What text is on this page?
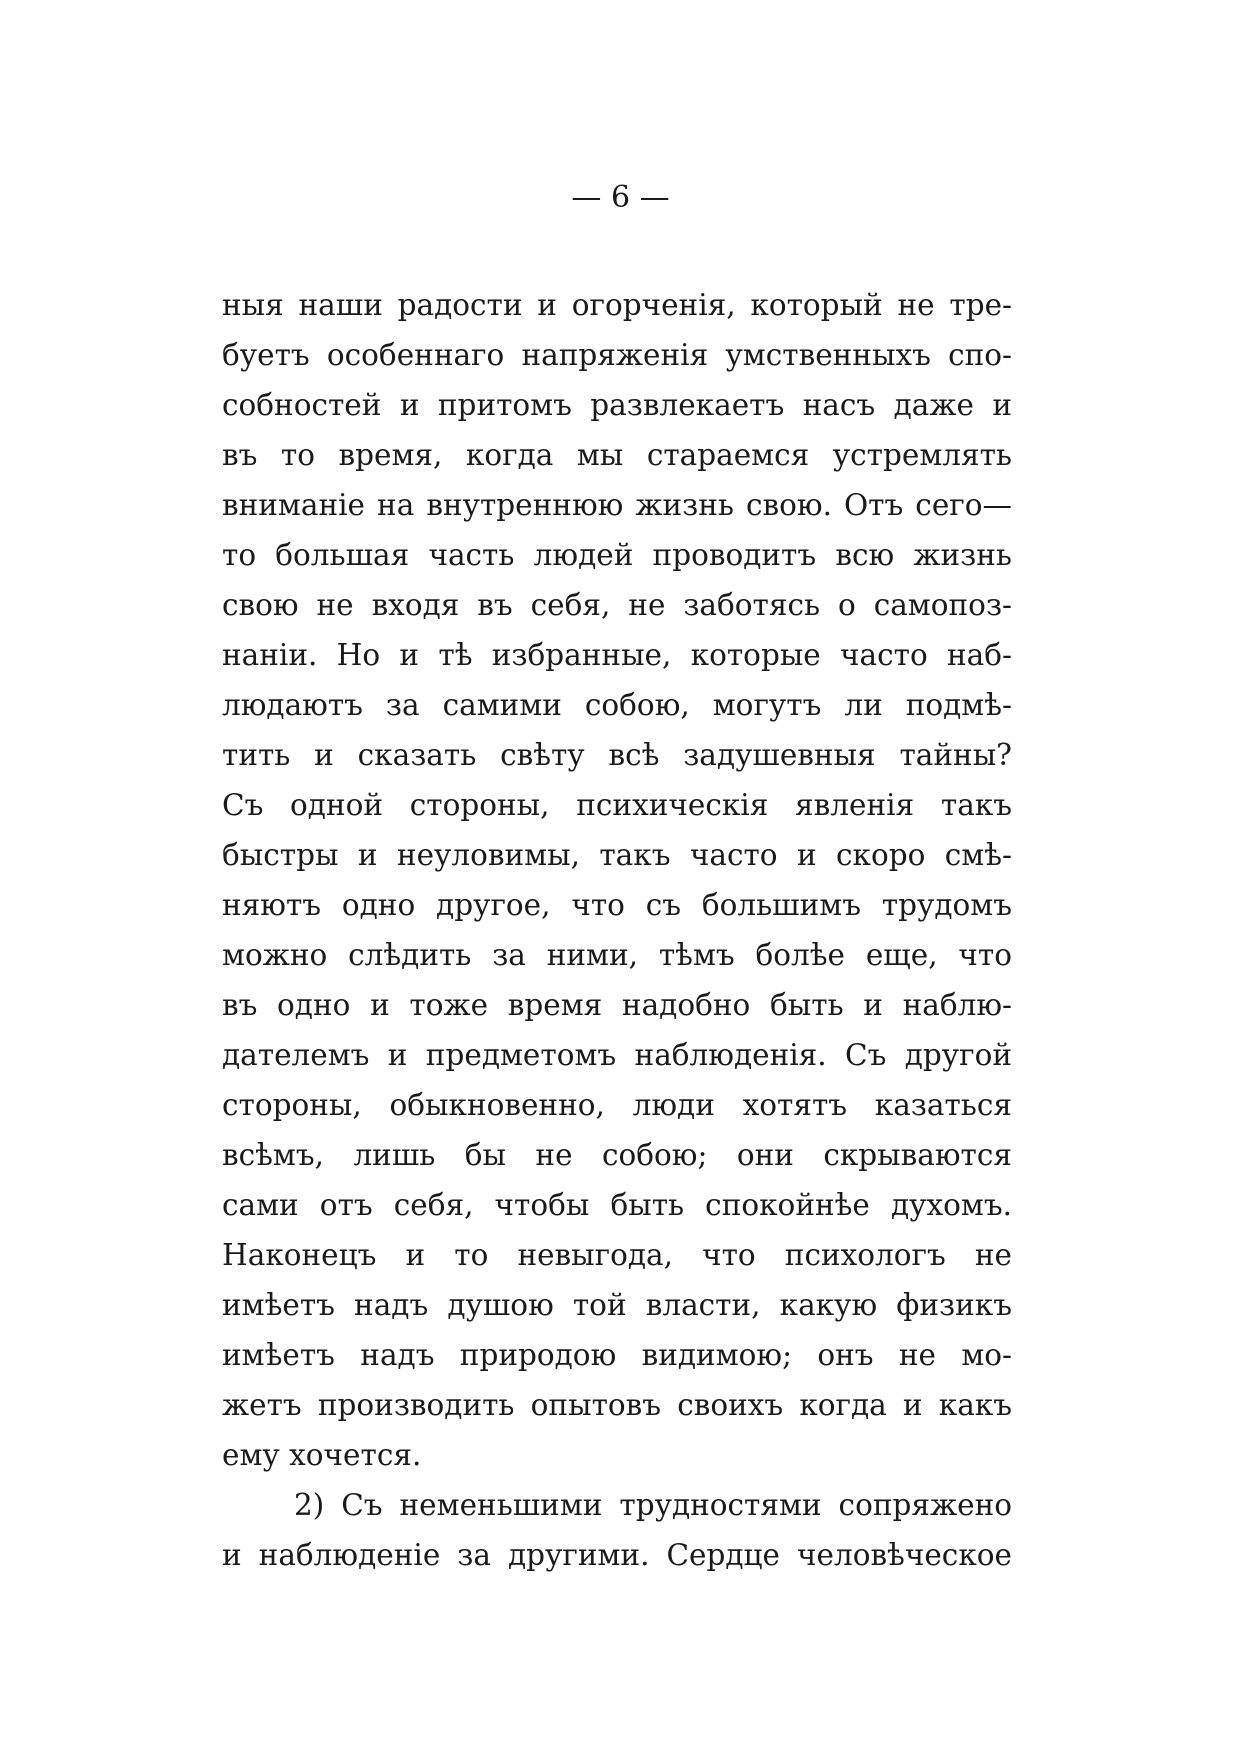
— 6 —
ныя наши радости и огорченія, который не тре-
буетъ особеннаго напряженія умственныхъ спо-
собностей и притомъ развлекаетъ насъ даже и
въ то время, когда мы стараемся устремлять
вниманіе на внутреннюю жизнь свою. Отъ сего—
то большая часть людей проводитъ всю жизнь
свою не входя въ себя, не заботясь о самопоз-
наніи. Но и тѣ избранные, которые часто наб-
людаютъ за самими собою, могутъ ли подмѣ-
тить и сказать свѣту всѣ задушевныя тайны?
Съ одной стороны, психическія явленія такъ
быстры и неуловимы, такъ часто и скоро смѣ-
няютъ одно другое, что съ большимъ трудомъ
можно слѣдить за ними, тѣмъ болѣе еще, что
въ одно и тоже время надобно быть и наблю-
дателемъ и предметомъ наблюденія. Съ другой
стороны, обыкновенно, люди хотятъ казаться
всѣмъ, лишь бы не собою; они скрываются
сами отъ себя, чтобы быть спокойнѣе духомъ.
Наконецъ и то невыгода, что психологъ не
имѣетъ надъ душою той власти, какую физикъ
имѣетъ надъ природою видимою; онъ не мо-
жетъ производить опытовъ своихъ когда и какъ
ему хочется.
2) Съ неменьшими трудностями сопряжено
и наблюденіе за другими. Сердце человѣческое
